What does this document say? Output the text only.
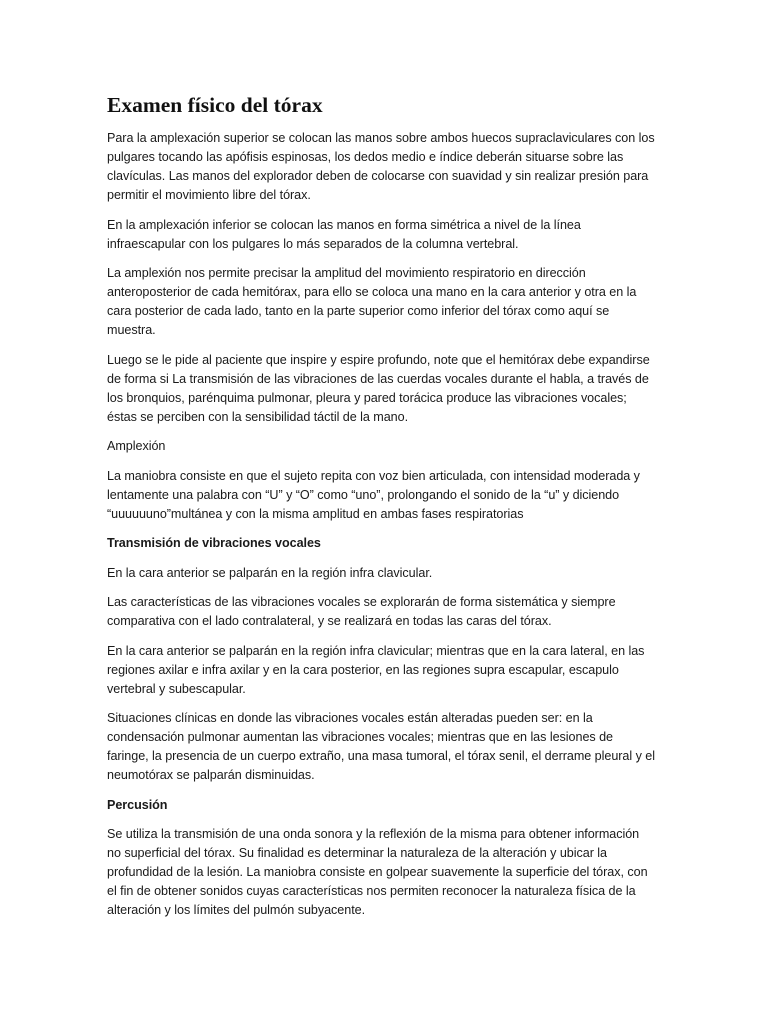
Examen físico del tórax

Para la amplexación superior se colocan las manos sobre ambos huecos supraclaviculares con los pulgares tocando las apófisis espinosas, los dedos medio e índice deberán situarse sobre las clavículas. Las manos del explorador deben de colocarse con suavidad y sin realizar presión para permitir el movimiento libre del tórax.

En la amplexación inferior se colocan las manos en forma simétrica a nivel de la línea infraescapular con los pulgares lo más separados de la columna vertebral.

La amplexión nos permite precisar la amplitud del movimiento respiratorio en dirección anteroposterior de cada hemitórax, para ello se coloca una mano en la cara anterior y otra en la cara posterior de cada lado, tanto en la parte superior como inferior del tórax como aquí se muestra.

Luego se le pide al paciente que inspire y espire profundo, note que el hemitórax debe expandirse de forma si La transmisión de las vibraciones de las cuerdas vocales durante el habla, a través de los bronquios, parénquima pulmonar, pleura y pared torácica produce las vibraciones vocales; éstas se perciben con la sensibilidad táctil de la mano.

Amplexión

La maniobra consiste en que el sujeto repita con voz bien articulada, con intensidad moderada y lentamente una palabra con “U” y “O” como “uno”, prolongando el sonido de la “u” y diciendo “uuuuuuno”multánea y con la misma amplitud en ambas fases respiratorias

Transmisión de vibraciones vocales

En la cara anterior se palparán en la región infra clavicular.

Las características de las vibraciones vocales se explorarán de forma sistemática y siempre comparativa con el lado contralateral, y se realizará en todas las caras del tórax.

En la cara anterior se palparán en la región infra clavicular; mientras que en la cara lateral, en las regiones axilar e infra axilar y en la cara posterior, en las regiones supra escapular, escapulo vertebral y subescapular.

Situaciones clínicas en donde las vibraciones vocales están alteradas pueden ser: en la condensación pulmonar aumentan las vibraciones vocales; mientras que en las lesiones de faringe, la presencia de un cuerpo extraño, una masa tumoral, el tórax senil, el derrame pleural y el neumotórax se palparán disminuidas.

Percusión

Se utiliza la transmisión de una onda sonora y la reflexión de la misma para obtener información no superficial del tórax. Su finalidad es determinar la naturaleza de la alteración y ubicar la profundidad de la lesión. La maniobra consiste en golpear suavemente la superficie del tórax, con el fin de obtener sonidos cuyas características nos permiten reconocer la naturaleza física de la alteración y los límites del pulmón subyacente.
